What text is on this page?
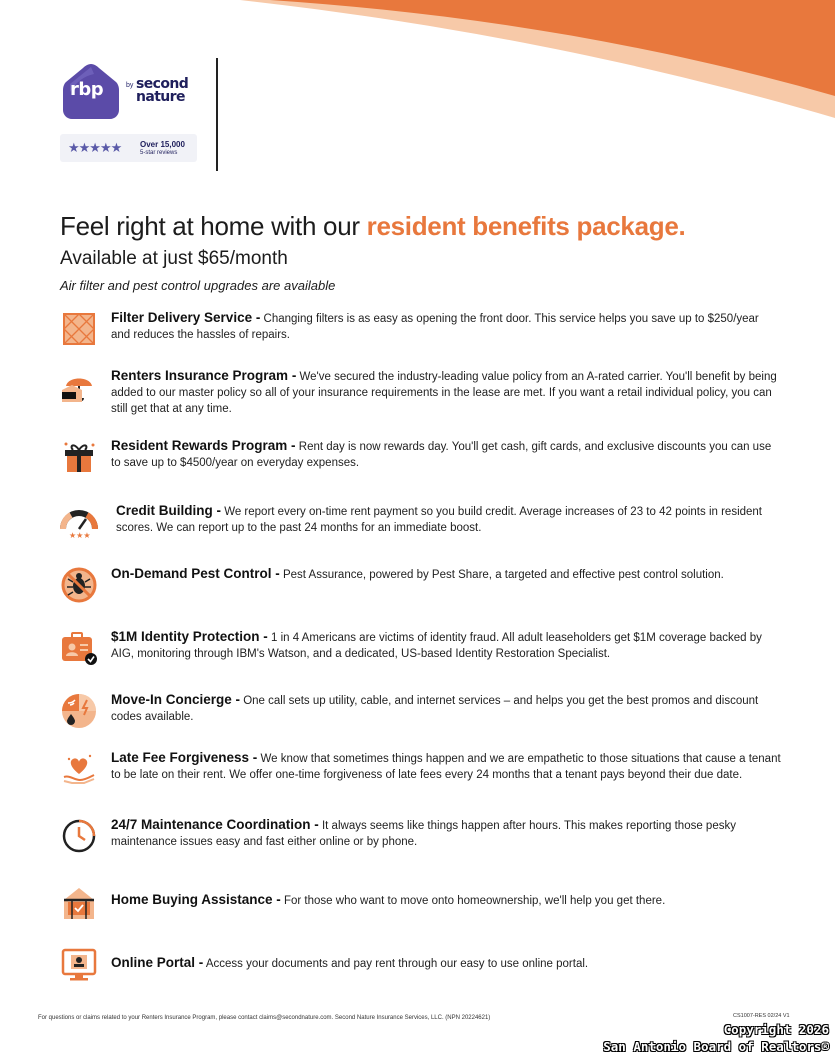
rbp	by second
nature
★★★★★ Over 15,000
5-star reviews
Feel right at home with our resident benefits package.
Available at just $65/month
Air filter and pest control upgrades are available
Filter Delivery Service - Changing filters is as easy as opening the front door. This service helps you save up to $250/year and reduces the hassles of repairs.
Renters Insurance Program - We've secured the industry-leading value policy from an A-rated carrier. You'll benefit by being added to our master policy so all of your insurance requirements in the lease are met. If you want a retail individual policy, you can still get that at any time.
Resident Rewards Program - Rent day is now rewards day. You'll get cash, gift cards, and exclusive discounts you can use to save up to $4500/year on everyday expenses.
★★★
Credit Building - We report every on-time rent payment so you build credit. Average increases of 23 to 42 points in resident scores. We can report up to the past 24 months for an immediate boost.
On-Demand Pest Control - Pest Assurance, powered by Pest Share, a targeted and effective pest control solution.
$1M Identity Protection - 1 in 4 Americans are victims of identity fraud. All adult leaseholders get $1M coverage backed by AIG, monitoring through IBM's Watson, and a dedicated, US-based Identity Restoration Specialist.
Move-In Concierge - One call sets up utility, cable, and internet services – and helps you get the best promos and discount codes available.
Late Fee Forgiveness - We know that sometimes things happen and we are empathetic to those situations that cause a tenant to be late on their rent. We offer one-time forgiveness of late fees every 24 months that a tenant pays beyond their due date.
24/7 Maintenance Coordination - It always seems like things happen after hours. This makes reporting those pesky maintenance issues easy and fast either online or by phone.
Home Buying Assistance - For those who want to move onto homeownership, we'll help you get there.
Online Portal - Access your documents and pay rent through our easy to use online portal.
For questions or claims related to your Renters Insurance Program, please contact claims@secondnature.com. Second Nature Insurance Services, LLC. (NPN 20224621)	CS1007-RES 02/24 V1
Copyright 2026
San Antonio Board of Realtors®
